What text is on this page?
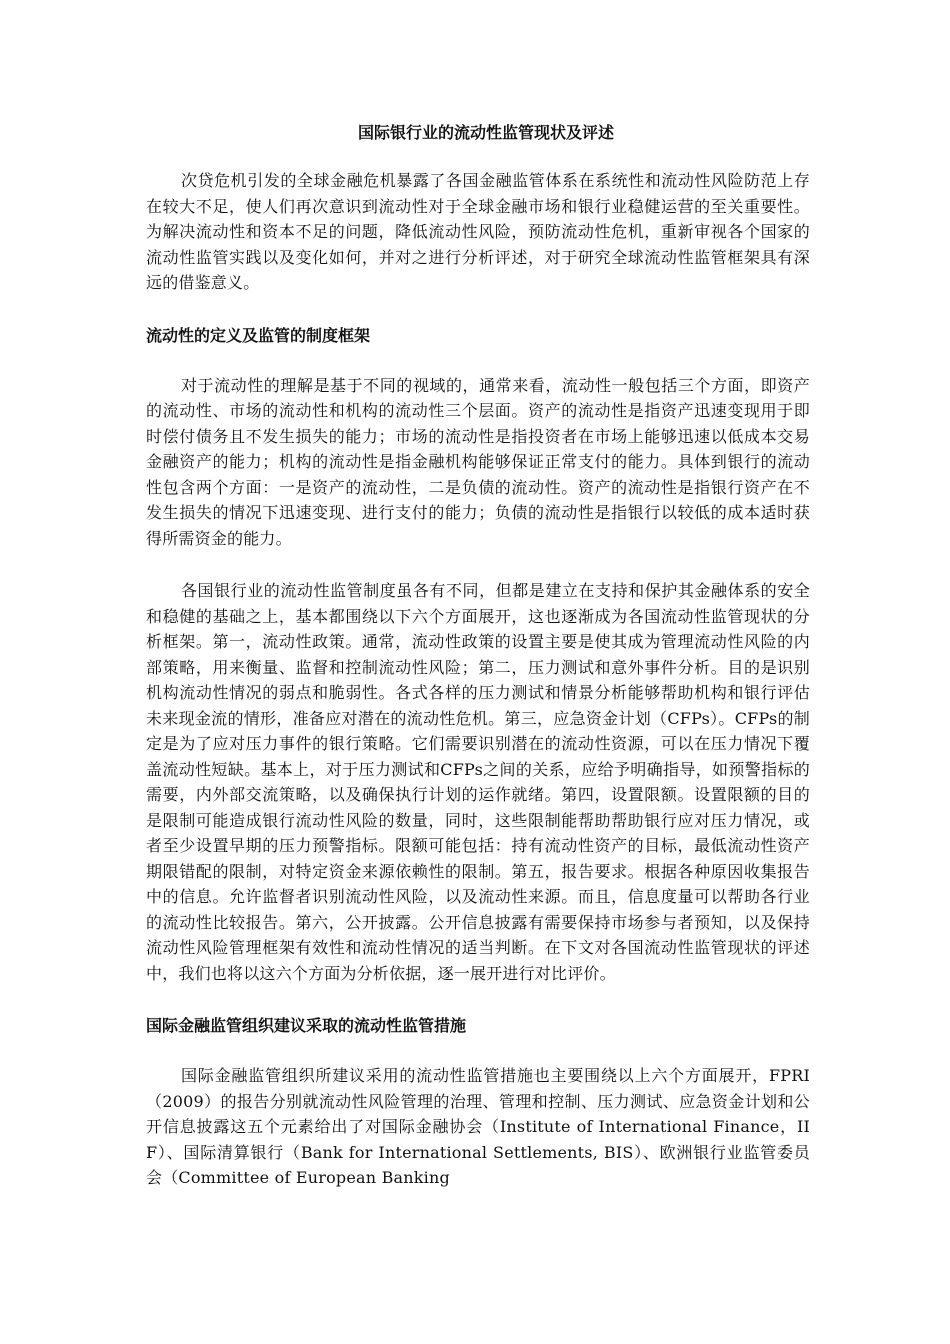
国际银行业的流动性监管现状及评述

次贷危机引发的全球金融危机暴露了各国金融监管体系在系统性和流动性风险防范上存在较大不足，使人们再次意识到流动性对于全球金融市场和银行业稳健运营的至关重要性。为解决流动性和资本不足的问题，降低流动性风险，预防流动性危机，重新审视各个国家的流动性监管实践以及变化如何，并对之进行分析评述，对于研究全球流动性监管框架具有深远的借鉴意义。

流动性的定义及监管的制度框架

对于流动性的理解是基于不同的视域的，通常来看，流动性一般包括三个方面，即资产的流动性、市场的流动性和机构的流动性三个层面。资产的流动性是指资产迅速变现用于即时偿付债务且不发生损失的能力；市场的流动性是指投资者在市场上能够迅速以低成本交易金融资产的能力；机构的流动性是指金融机构能够保证正常支付的能力。具体到银行的流动性包含两个方面：一是资产的流动性，二是负债的流动性。资产的流动性是指银行资产在不发生损失的情况下迅速变现、进行支付的能力；负债的流动性是指银行以较低的成本适时获得所需资金的能力。

各国银行业的流动性监管制度虽各有不同，但都是建立在支持和保护其金融体系的安全和稳健的基础之上，基本都围绕以下六个方面展开，这也逐渐成为各国流动性监管现状的分析框架。第一，流动性政策。通常，流动性政策的设置主要是使其成为管理流动性风险的内部策略，用来衡量、监督和控制流动性风险；第二，压力测试和意外事件分析。目的是识别机构流动性情况的弱点和脆弱性。各式各样的压力测试和情景分析能够帮助机构和银行评估未来现金流的情形，准备应对潜在的流动性危机。第三，应急资金计划（CFPs）。CFPs的制定是为了应对压力事件的银行策略。它们需要识别潜在的流动性资源，可以在压力情况下覆盖流动性短缺。基本上，对于压力测试和CFPs之间的关系，应给予明确指导，如预警指标的需要，内外部交流策略，以及确保执行计划的运作就绪。第四，设置限额。设置限额的目的是限制可能造成银行流动性风险的数量，同时，这些限制能帮助帮助银行应对压力情况，或者至少设置早期的压力预警指标。限额可能包括：持有流动性资产的目标，最低流动性资产期限错配的限制，对特定资金来源依赖性的限制。第五，报告要求。根据各种原因收集报告中的信息。允许监督者识别流动性风险，以及流动性来源。而且，信息度量可以帮助各行业的流动性比较报告。第六，公开披露。公开信息披露有需要保持市场参与者预知，以及保持流动性风险管理框架有效性和流动性情况的适当判断。在下文对各国流动性监管现状的评述中，我们也将以这六个方面为分析依据，逐一展开进行对比评价。

国际金融监管组织建议采取的流动性监管措施

国际金融监管组织所建议采用的流动性监管措施也主要围绕以上六个方面展开，FPRI（2009）的报告分别就流动性风险管理的治理、管理和控制、压力测试、应急资金计划和公开信息披露这五个元素给出了对国际金融协会（Institute of International Finance，IIF）、国际清算银行（Bank for International Settlements, BIS）、欧洲银行业监管委员会（Committee of European Banking
